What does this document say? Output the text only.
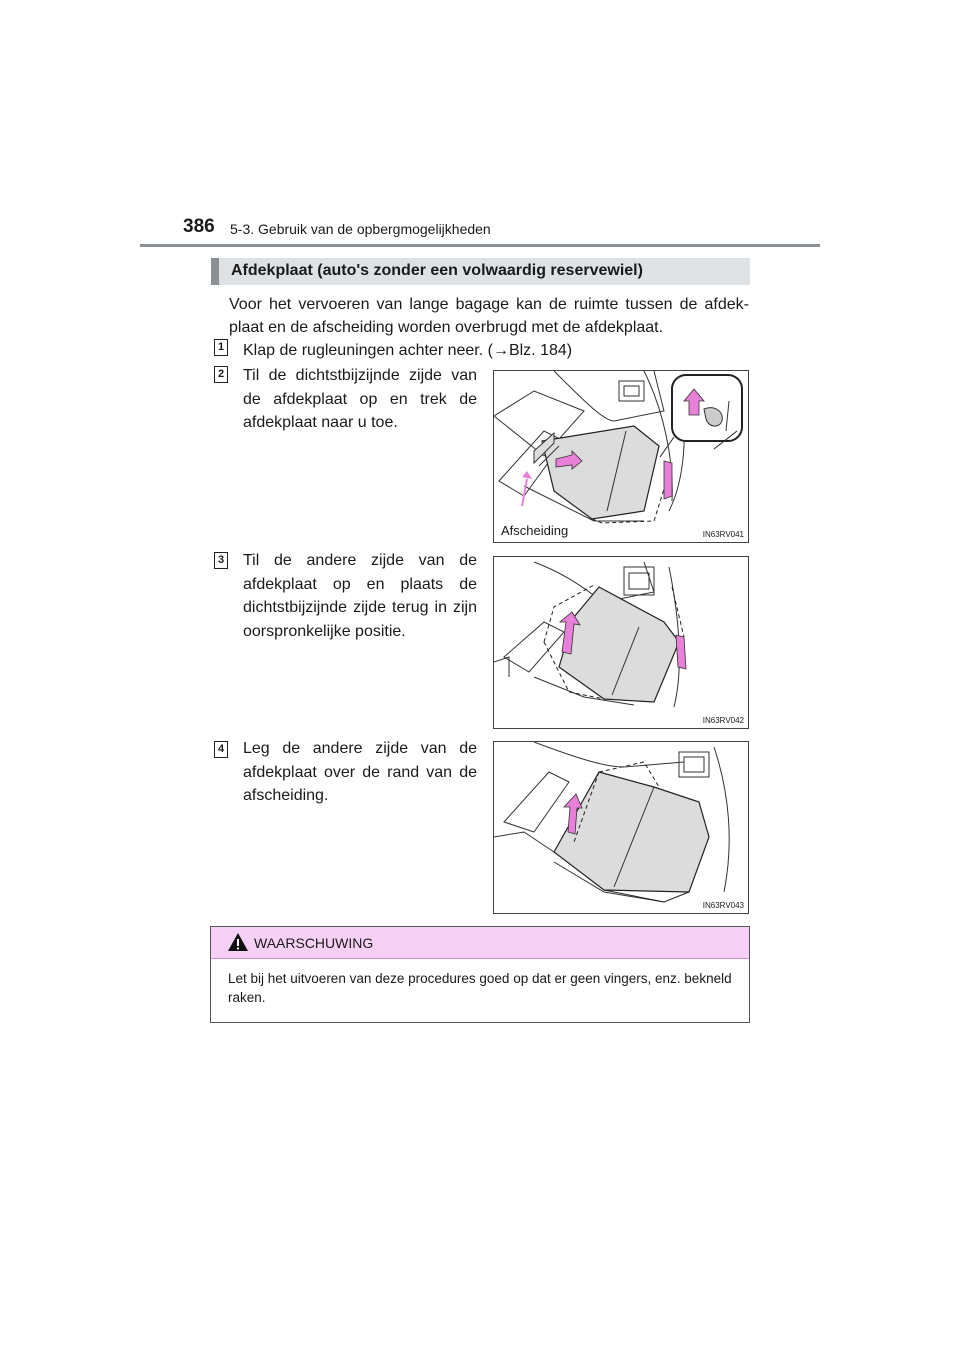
386 5-3. Gebruik van de opbergmogelijkheden
Afdekplaat (auto's zonder een volwaardig reservewiel)
Voor het vervoeren van lange bagage kan de ruimte tussen de afdek-plaat en de afscheiding worden overbrugd met de afdekplaat.
1 Klap de rugleuningen achter neer. (→Blz. 184)
2 Til de dichtstbijzijnde zijde van de afdekplaat op en trek de afdekplaat naar u toe.
Afscheiding	IN63RV041
3 Til de andere zijde van de afdekplaat op en plaats de dichtstbijzijnde zijde terug in zijn oorspronkelijke positie.
IN63RV042
4 Leg de andere zijde van de afdekplaat over de rand van de afscheiding.
IN63RV043
WAARSCHUWING
Let bij het uitvoeren van deze procedures goed op dat er geen vingers, enz. bekneld raken.
